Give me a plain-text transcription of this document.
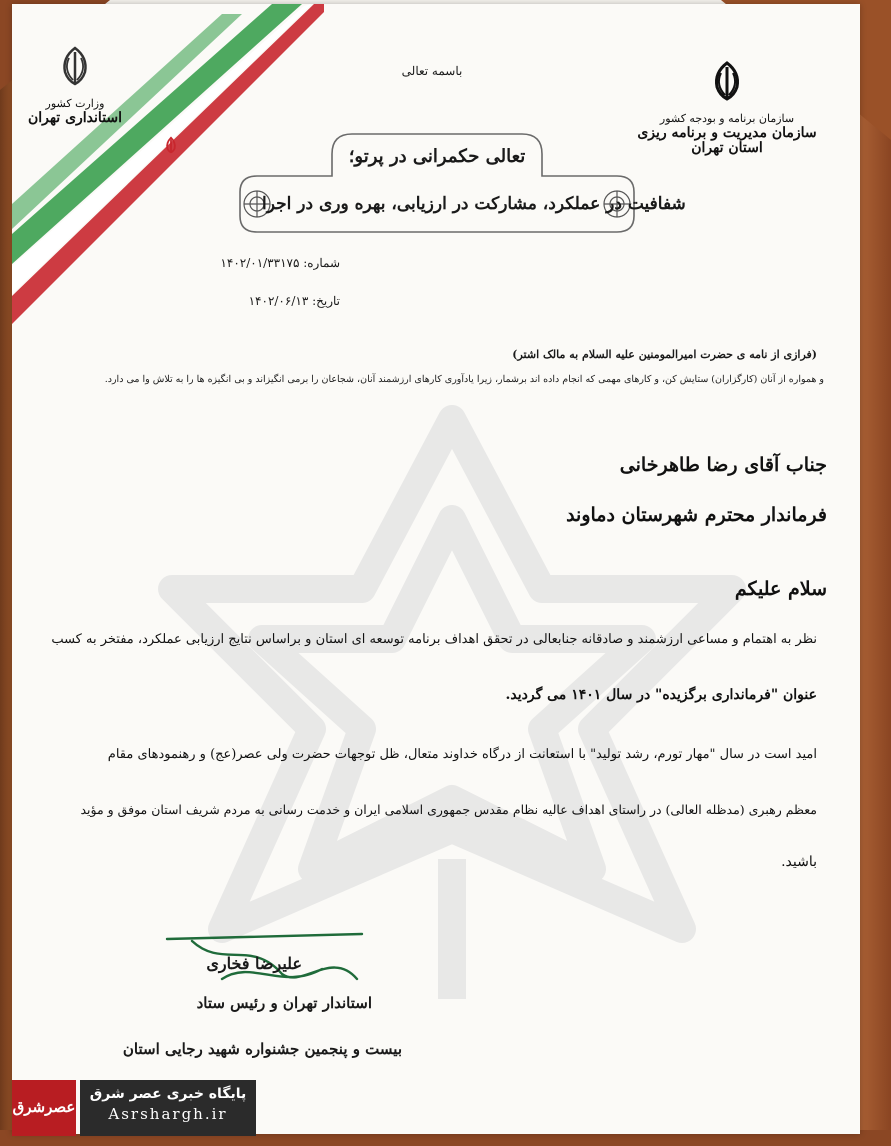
سازمان برنامه و بودجه کشور
سازمان مدیریت و برنامه ریزی استان تهران
وزارت کشور
استانداری تهران
باسمه تعالی
تعالی حکمرانی در پرتو؛
شفافیت در عملکرد، مشارکت در ارزیابی، بهره وری در اجرا
شماره: ۱۴۰۲/۰۱/۳۳۱۷۵
تاریخ: ۱۴۰۲/۰۶/۱۳
(فرازی از نامه ی حضرت امیرالمومنین علیه السلام به مالک اشتر)
و همواره از آنان (کارگزاران) ستایش کن، و کارهای مهمی که انجام داده اند برشمار، زیرا یادآوری کارهای ارزشمند آنان، شجاعان را برمی انگیزاند و بی انگیزه ها را به تلاش وا می دارد.
جناب آقای رضا طاهرخانی
فرماندار محترم شهرستان دماوند
سلام علیکم
نظر به اهتمام و مساعی ارزشمند و صادقانه جنابعالی در تحقق اهداف برنامه توسعه ای استان و براساس نتایج ارزیابی عملکرد، مفتخر به کسب
عنوان "فرمانداری برگزیده" در سال ۱۴۰۱ می گردید.
امید است در سال "مهار تورم، رشد تولید" با استعانت از درگاه خداوند متعال، ظل توجهات حضرت ولی عصر(عج) و رهنمودهای مقام
معظم رهبری (مدظله العالی) در راستای اهداف عالیه نظام مقدس جمهوری اسلامی ایران و خدمت رسانی به مردم شریف استان موفق و مؤید
باشید.
علیرضا فخاری
استاندار تهران و رئیس ستاد
بیست و پنجمین جشنواره شهید رجایی استان
عصرشرق
پایگاه خبری عصر شرق
Asrshargh.ir
